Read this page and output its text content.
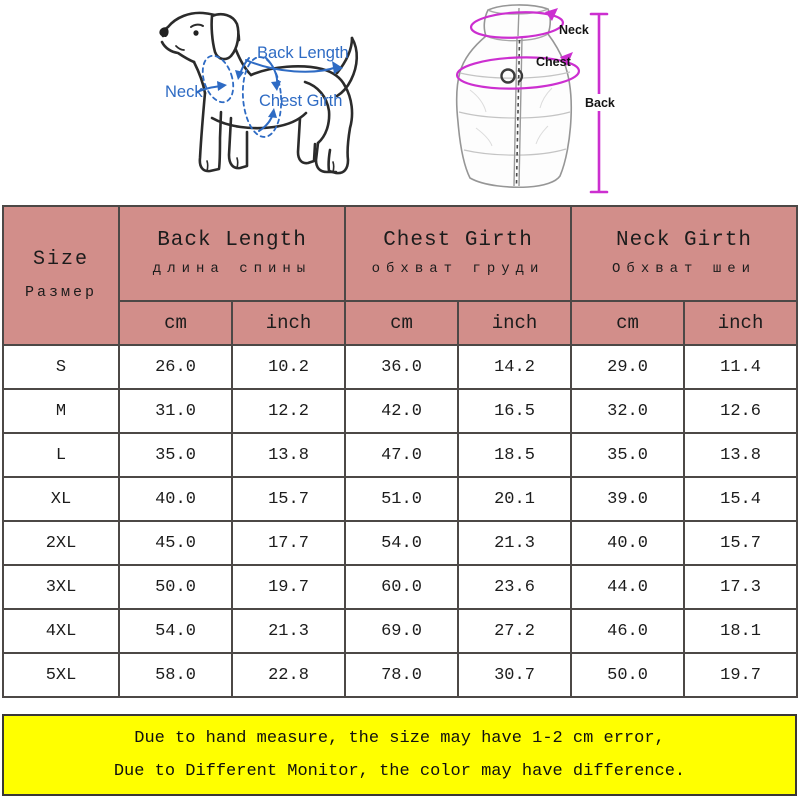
Back Length
Neck	Chest Girth
Neck
Chest
Back
Size
Размер

Back Length
длина спины

Chest Girth
обхват груди

Neck Girth
Обхват шеи

	cm	inch	cm	inch	cm	inch
S	26.0	10.2	36.0	14.2	29.0	11.4
M	31.0	12.2	42.0	16.5	32.0	12.6
L	35.0	13.8	47.0	18.5	35.0	13.8
XL	40.0	15.7	51.0	20.1	39.0	15.4
2XL	45.0	17.7	54.0	21.3	40.0	15.7
3XL	50.0	19.7	60.0	23.6	44.0	17.3
4XL	54.0	21.3	69.0	27.2	46.0	18.1
5XL	58.0	22.8	78.0	30.7	50.0	19.7
Due to hand measure, the size may have 1-2 cm error,
Due to Different Monitor, the color may have difference.
